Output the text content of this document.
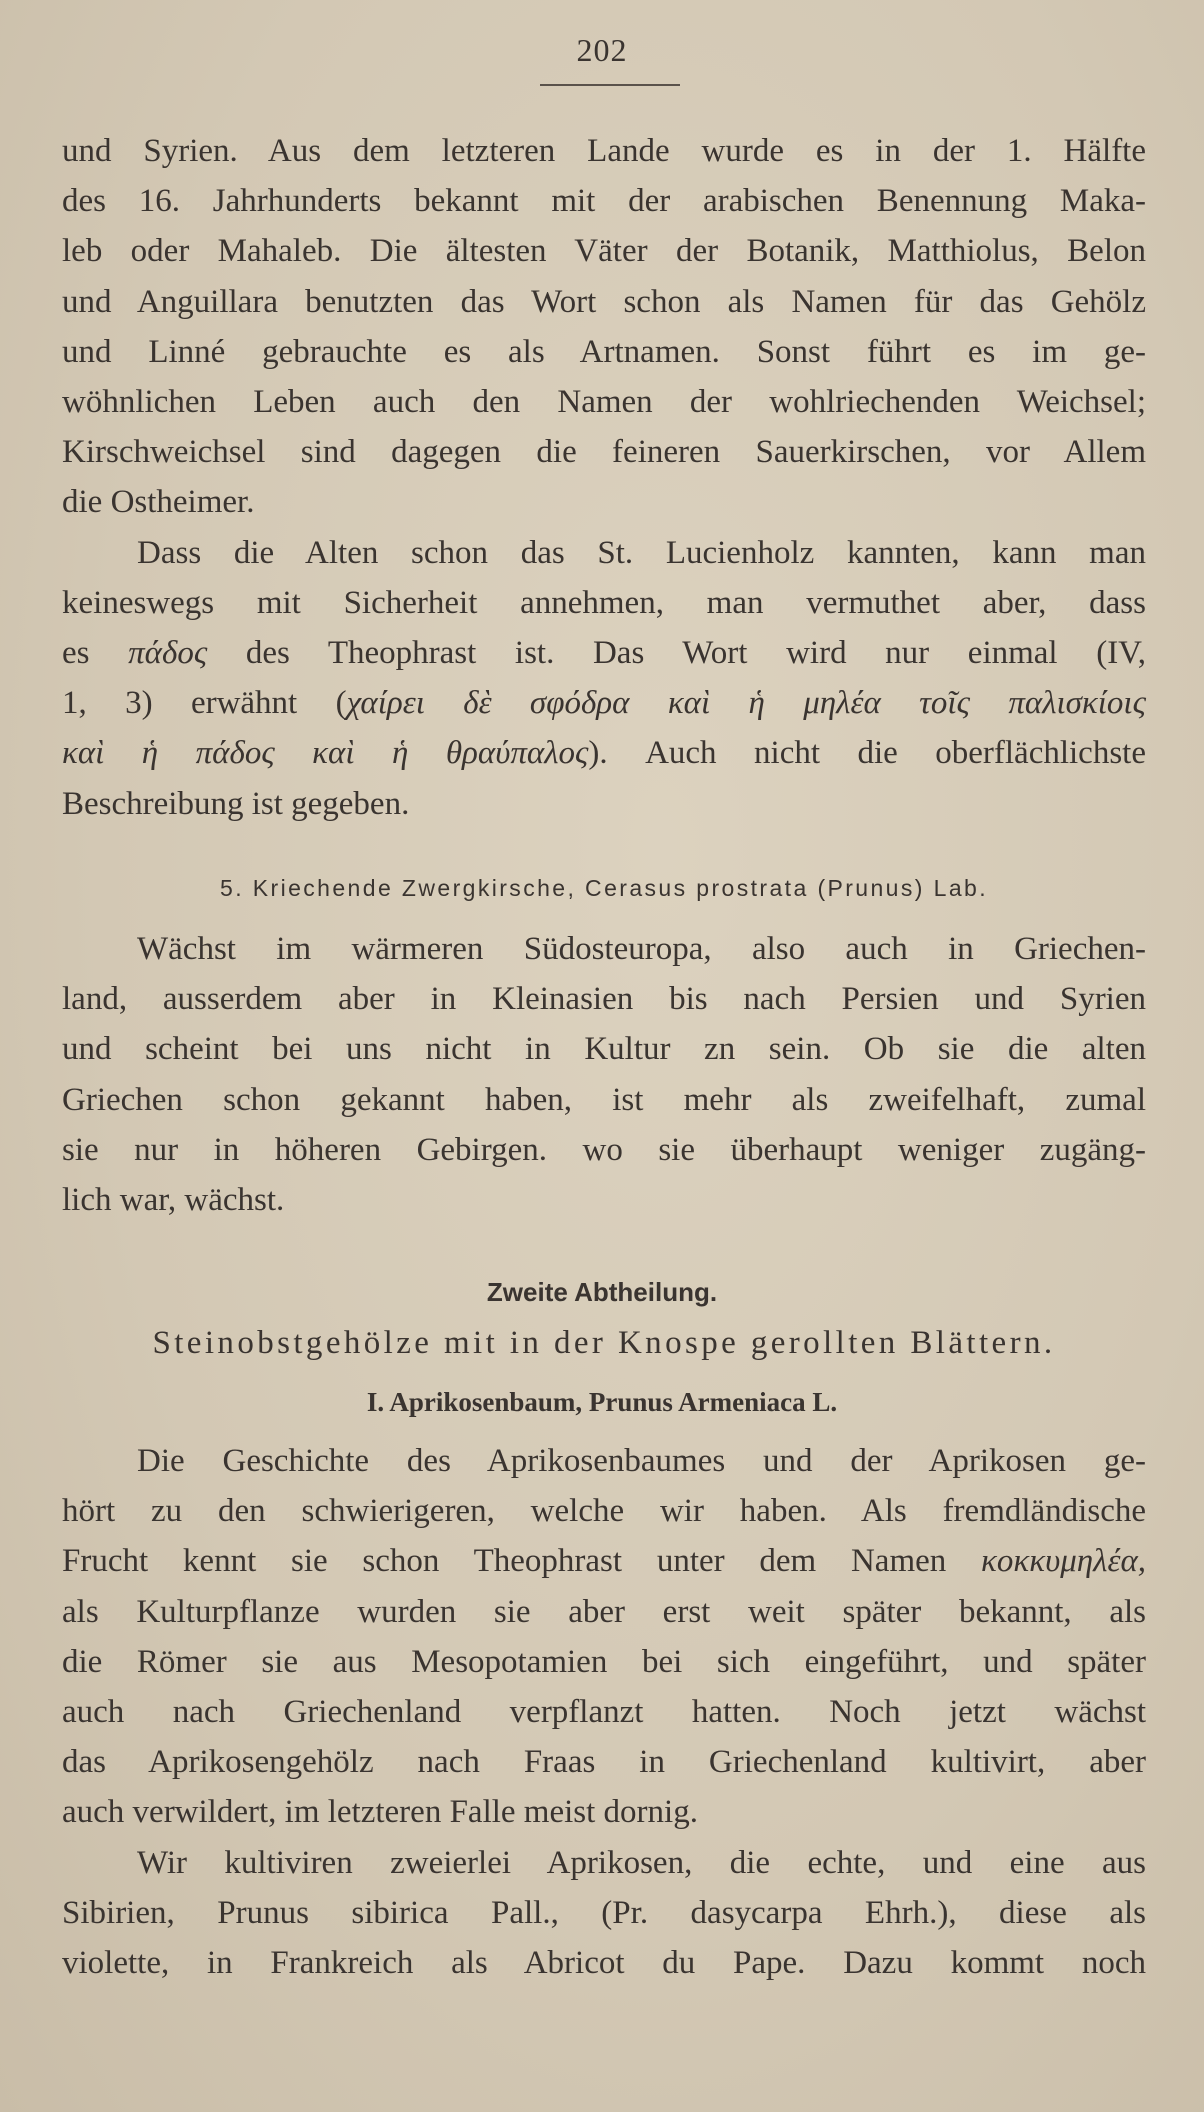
202
und Syrien. Aus dem letzteren Lande wurde es in der 1. Hälfte
des 16. Jahrhunderts bekannt mit der arabischen Benennung Maka-
leb oder Mahaleb. Die ältesten Väter der Botanik, Matthiolus, Belon
und Anguillara benutzten das Wort schon als Namen für das Gehölz
und Linné gebrauchte es als Artnamen. Sonst führt es im ge-
wöhnlichen Leben auch den Namen der wohlriechenden Weichsel;
Kirschweichsel sind dagegen die feineren Sauerkirschen, vor Allem
die Ostheimer.
Dass die Alten schon das St. Lucienholz kannten, kann man
keineswegs mit Sicherheit annehmen, man vermuthet aber, dass
es πάδος des Theophrast ist. Das Wort wird nur einmal (IV,
1, 3) erwähnt (χαίρει δὲ σφόδρα καὶ ἡ μηλέα τοῖς παλισκίοις
καὶ ἡ πάδος καὶ ἡ θραύπαλος). Auch nicht die oberflächlichste
Beschreibung ist gegeben.
5. Kriechende Zwergkirsche, Cerasus prostrata (Prunus) Lab.
Wächst im wärmeren Südosteuropa, also auch in Griechen-
land, ausserdem aber in Kleinasien bis nach Persien und Syrien
und scheint bei uns nicht in Kultur zn sein. Ob sie die alten
Griechen schon gekannt haben, ist mehr als zweifelhaft, zumal
sie nur in höheren Gebirgen. wo sie überhaupt weniger zugäng-
lich war, wächst.
Zweite Abtheilung.
Steinobstgehölze mit in der Knospe gerollten Blättern.
I. Aprikosenbaum, Prunus Armeniaca L.
Die Geschichte des Aprikosenbaumes und der Aprikosen ge-
hört zu den schwierigeren, welche wir haben. Als fremdländische
Frucht kennt sie schon Theophrast unter dem Namen κοκκυμηλέα,
als Kulturpflanze wurden sie aber erst weit später bekannt, als
die Römer sie aus Mesopotamien bei sich eingeführt, und später
auch nach Griechenland verpflanzt hatten. Noch jetzt wächst
das Aprikosengehölz nach Fraas in Griechenland kultivirt, aber
auch verwildert, im letzteren Falle meist dornig.
Wir kultiviren zweierlei Aprikosen, die echte, und eine aus
Sibirien, Prunus sibirica Pall., (Pr. dasycarpa Ehrh.), diese als
violette, in Frankreich als Abricot du Pape. Dazu kommt noch
